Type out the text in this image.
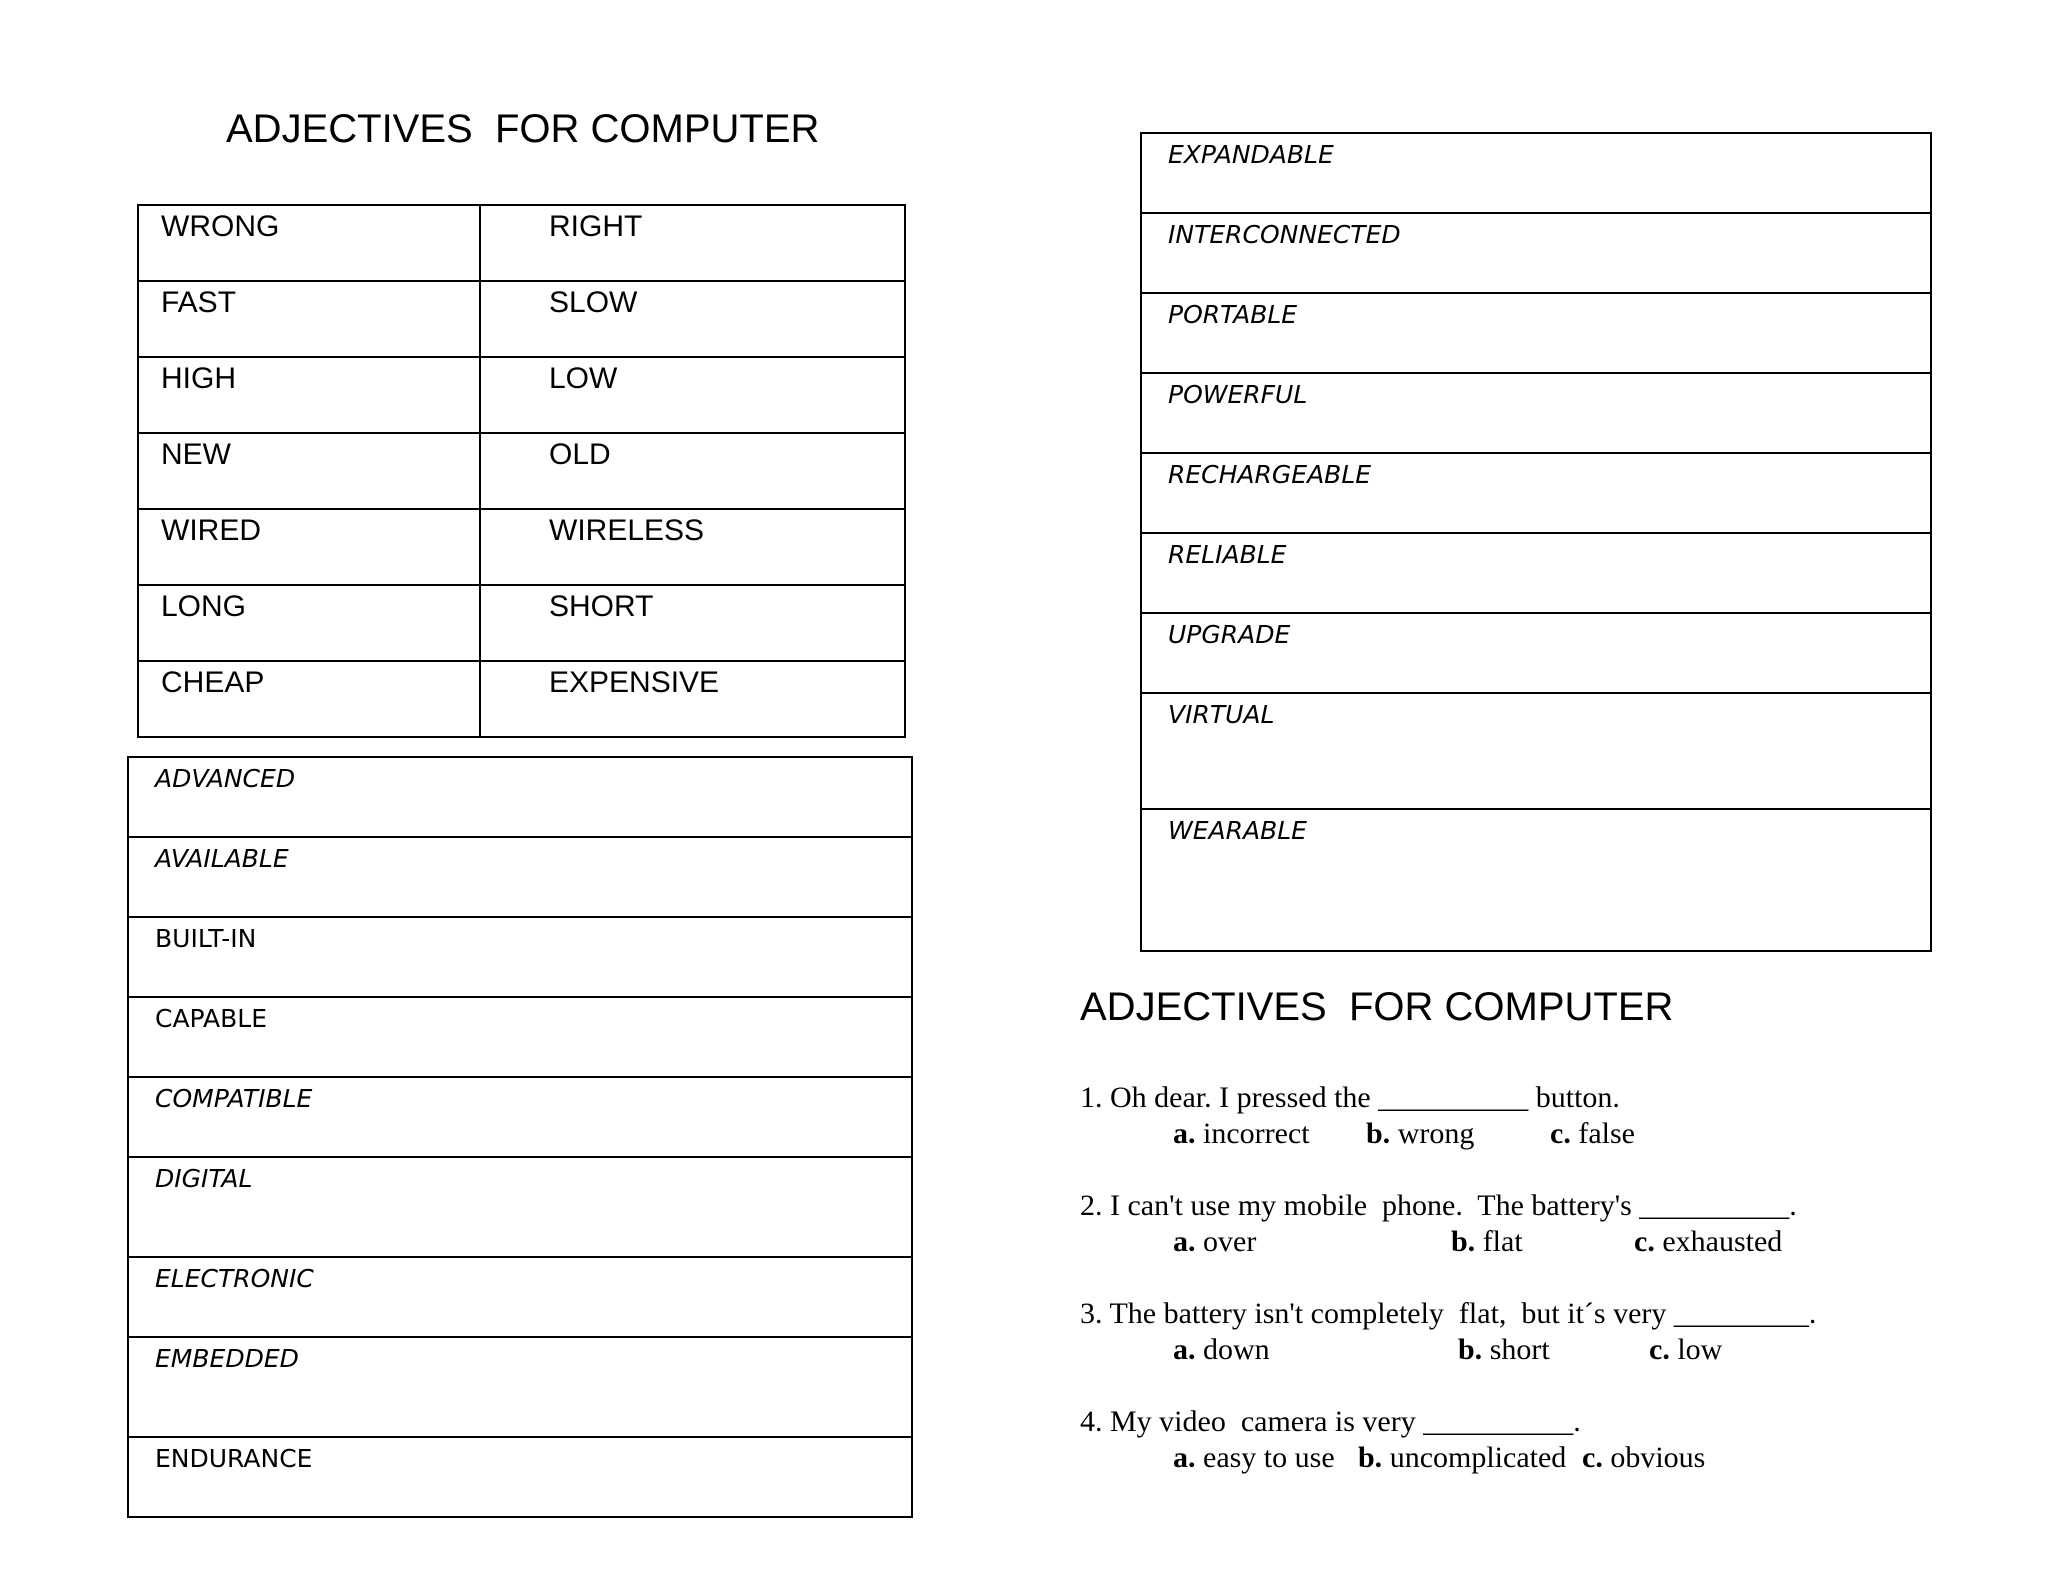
ADJECTIVES  FOR COMPUTER
WRONG	RIGHT
FAST	SLOW
HIGH	LOW
NEW	OLD
WIRED	WIRELESS
LONG	SHORT
CHEAP	EXPENSIVE
ADVANCED
AVAILABLE
BUILT-IN
CAPABLE
COMPATIBLE
DIGITAL
ELECTRONIC
EMBEDDED
ENDURANCE
EXPANDABLE
INTERCONNECTED
PORTABLE
POWERFUL
RECHARGEABLE
RELIABLE
UPGRADE
VIRTUAL
WEARABLE
ADJECTIVES  FOR COMPUTER
1. Oh dear. I pressed the __________ button.
a. incorrect b. wrong	c. false
2. I can't use my mobile  phone.  The battery's __________.
a. over	b. flat	c. exhausted
3. The battery isn't completely  flat,  but it´s very _________.
a. down	b. short	c. low
4. My video  camera is very __________.
a. easy to use b. uncomplicated c. obvious
